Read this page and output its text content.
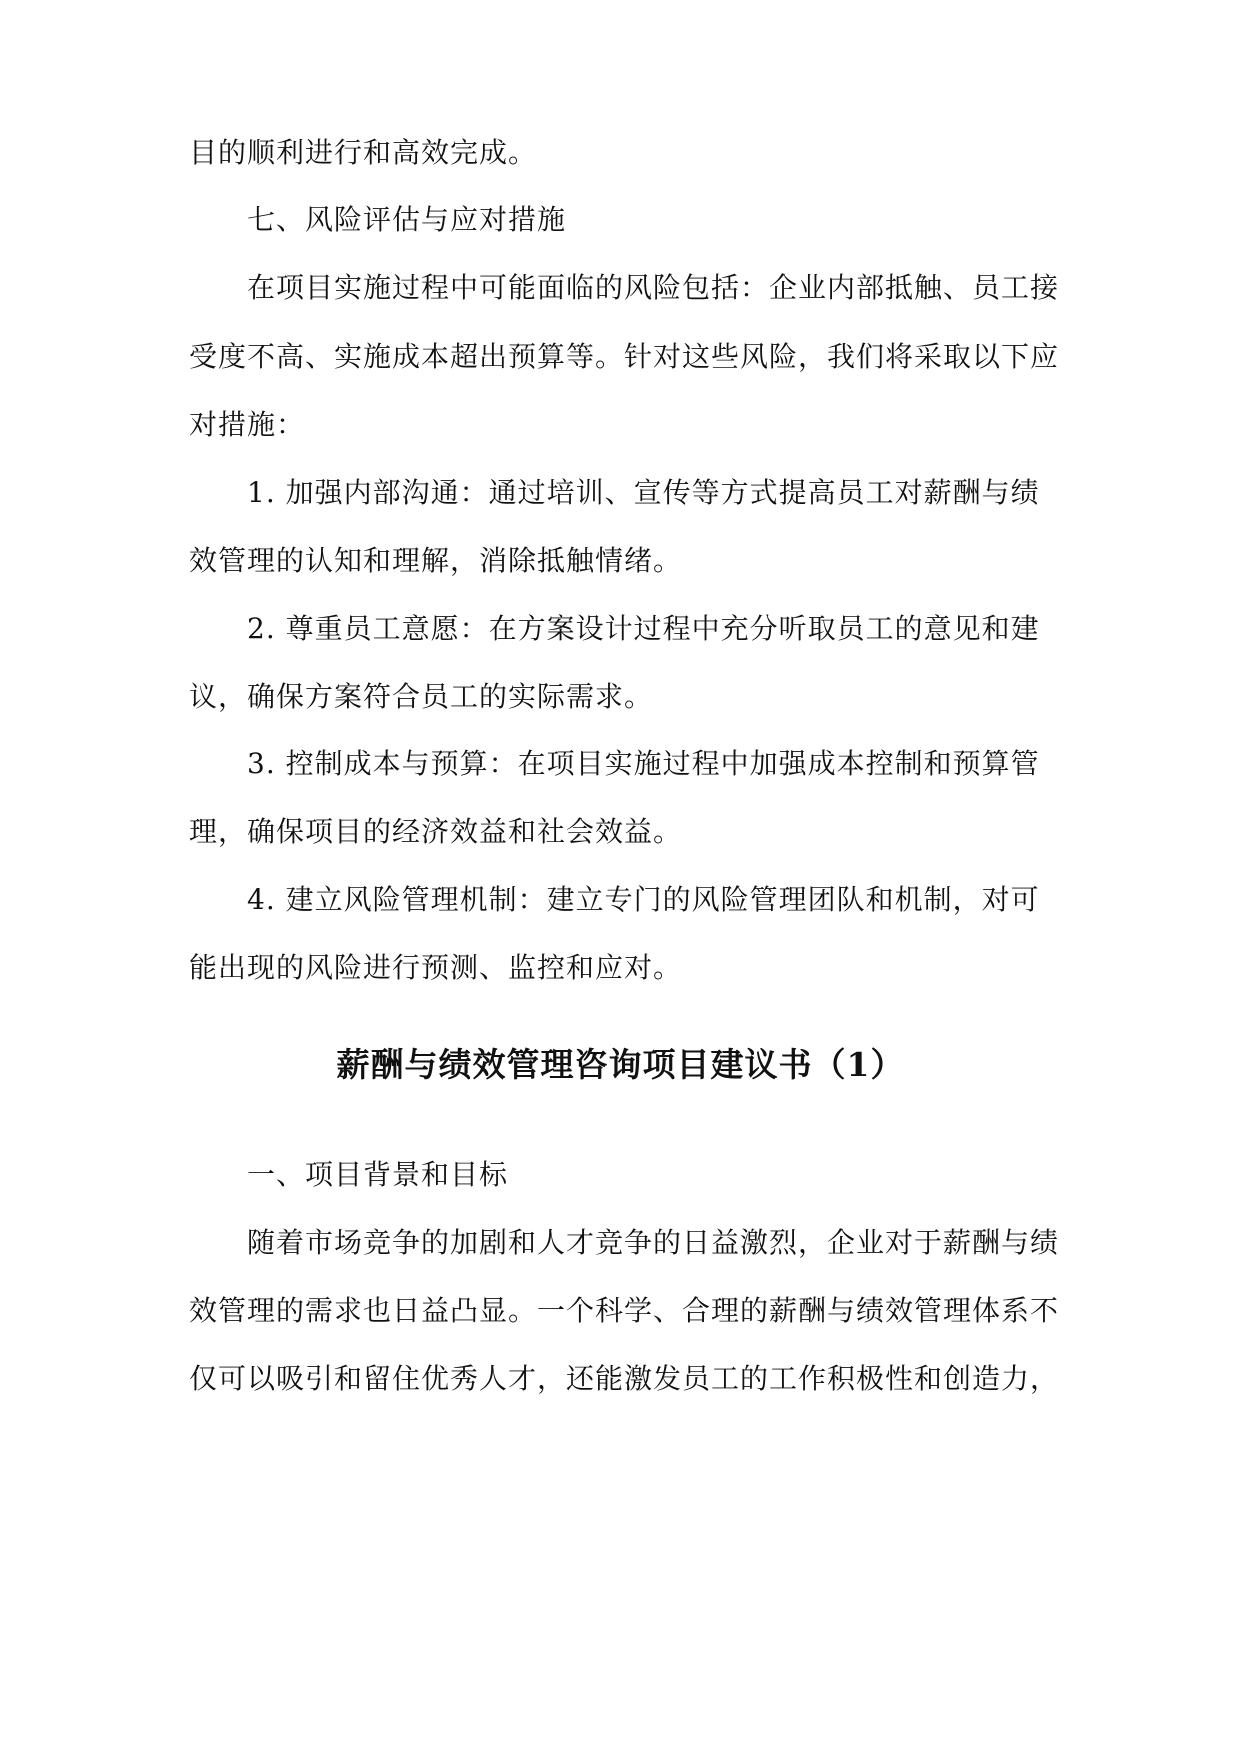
目的顺利进行和高效完成。
七、风险评估与应对措施
在项目实施过程中可能面临的风险包括：企业内部抵触、员工接
受度不高、实施成本超出预算等。针对这些风险，我们将采取以下应
对措施：
1. 加强内部沟通：通过培训、宣传等方式提高员工对薪酬与绩
效管理的认知和理解，消除抵触情绪。
2. 尊重员工意愿：在方案设计过程中充分听取员工的意见和建
议，确保方案符合员工的实际需求。
3. 控制成本与预算：在项目实施过程中加强成本控制和预算管
理，确保项目的经济效益和社会效益。
4. 建立风险管理机制：建立专门的风险管理团队和机制，对可
能出现的风险进行预测、监控和应对。
薪酬与绩效管理咨询项目建议书（1）
一、项目背景和目标
随着市场竞争的加剧和人才竞争的日益激烈，企业对于薪酬与绩
效管理的需求也日益凸显。一个科学、合理的薪酬与绩效管理体系不
仅可以吸引和留住优秀人才，还能激发员工的工作积极性和创造力，
